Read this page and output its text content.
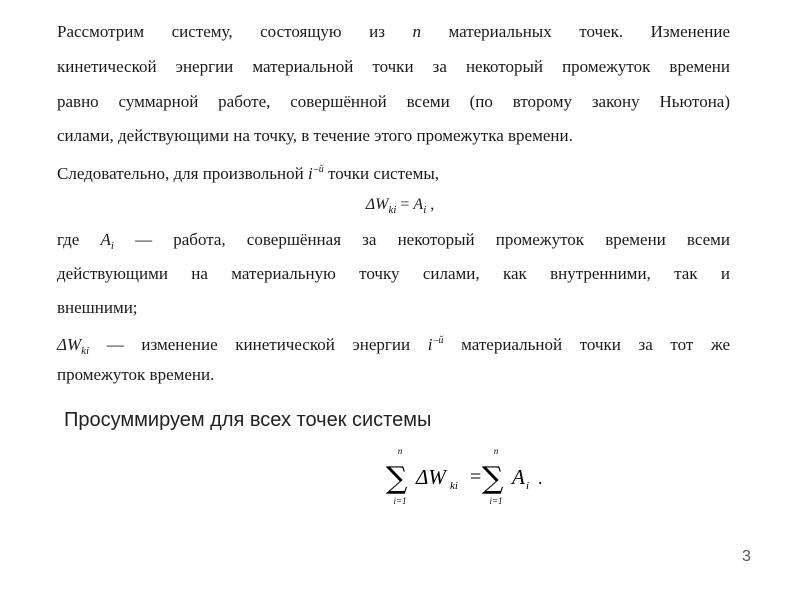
Рассмотрим систему, состоящую из n материальных точек. Изменение
кинетической энергии материальной точки за некоторый промежуток времени
равно суммарной работе, совершённой всеми (по второму закону Ньютона)
силами, действующими на точку, в течение этого промежутка времени.
Следовательно, для произвольной $i^{-й}$ точки системы,
$\Delta W_{ki} = A_i$ ,
где $A_i$ — работа, совершённая за некоторый промежуток времени всеми
действующими на материальную точку силами, как внутренними, так и
внешними;
$\Delta W_{ki}$ — изменение кинетической энергии $i^{-й}$ материальной точки за тот же
промежуток времени.
Просуммируем для всех точек системы
n
∑
i=1
ΔW ki =
n
∑
i=1
A i .
3
